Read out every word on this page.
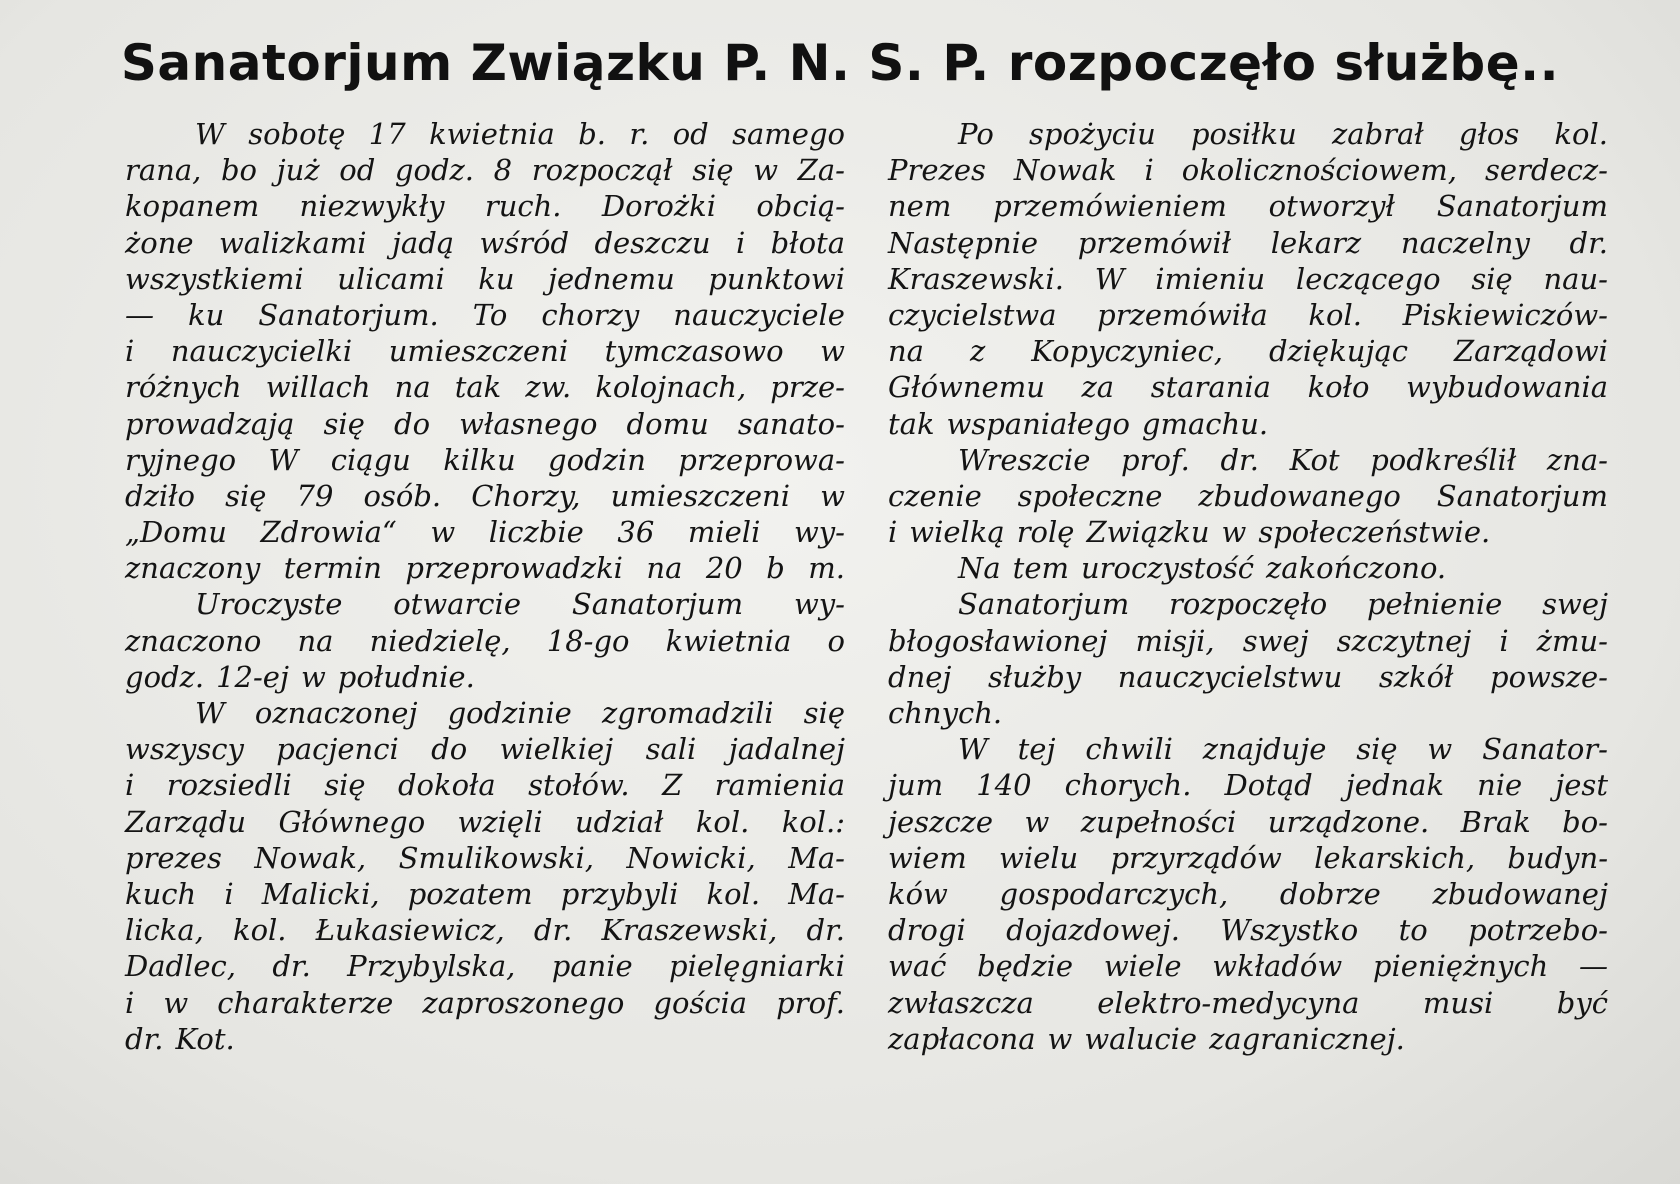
Sanatorjum Związku P. N. S. P. rozpoczęło służbę..
W sobotę 17 kwietnia b. r. od samego
rana, bo już od godz. 8 rozpoczął się w Za-
kopanem niezwykły ruch. Dorożki obcią-
żone walizkami jadą wśród deszczu i błota
wszystkiemi ulicami ku jednemu punktowi
— ku Sanatorjum. To chorzy nauczyciele
i nauczycielki umieszczeni tymczasowo w
różnych willach na tak zw. kolojnach, prze-
prowadzają się do własnego domu sanato-
ryjnego W ciągu kilku godzin przeprowa-
dziło się 79 osób. Chorzy, umieszczeni w
„Domu Zdrowia“ w liczbie 36 mieli wy-
znaczony termin przeprowadzki na 20 b m.
Uroczyste otwarcie Sanatorjum wy-
znaczono na niedzielę, 18-go kwietnia o
godz. 12-ej w południe.
W oznaczonej godzinie zgromadzili się
wszyscy pacjenci do wielkiej sali jadalnej
i rozsiedli się dokoła stołów. Z ramienia
Zarządu Głównego wzięli udział kol. kol.:
prezes Nowak, Smulikowski, Nowicki, Ma-
kuch i Malicki, pozatem przybyli kol. Ma-
licka, kol. Łukasiewicz, dr. Kraszewski, dr.
Dadlec, dr. Przybylska, panie pielęgniarki
i w charakterze zaproszonego gościa prof.
dr. Kot.
Po spożyciu posiłku zabrał głos kol.
Prezes Nowak i okolicznościowem, serdecz-
nem przemówieniem otworzył Sanatorjum
Następnie przemówił lekarz naczelny dr.
Kraszewski. W imieniu leczącego się nau-
czycielstwa przemówiła kol. Piskiewiczów-
na z Kopyczyniec, dziękując Zarządowi
Głównemu za starania koło wybudowania
tak wspaniałego gmachu.
Wreszcie prof. dr. Kot podkreślił zna-
czenie społeczne zbudowanego Sanatorjum
i wielką rolę Związku w społeczeństwie.
Na tem uroczystość zakończono.
Sanatorjum rozpoczęło pełnienie swej
błogosławionej misji, swej szczytnej i żmu-
dnej służby nauczycielstwu szkół powsze-
chnych.
W tej chwili znajduje się w Sanator-
jum 140 chorych. Dotąd jednak nie jest
jeszcze w zupełności urządzone. Brak bo-
wiem wielu przyrządów lekarskich, budyn-
ków gospodarczych, dobrze zbudowanej
drogi dojazdowej. Wszystko to potrzebo-
wać będzie wiele wkładów pieniężnych —
zwłaszcza elektro-medycyna musi być
zapłacona w walucie zagranicznej.
